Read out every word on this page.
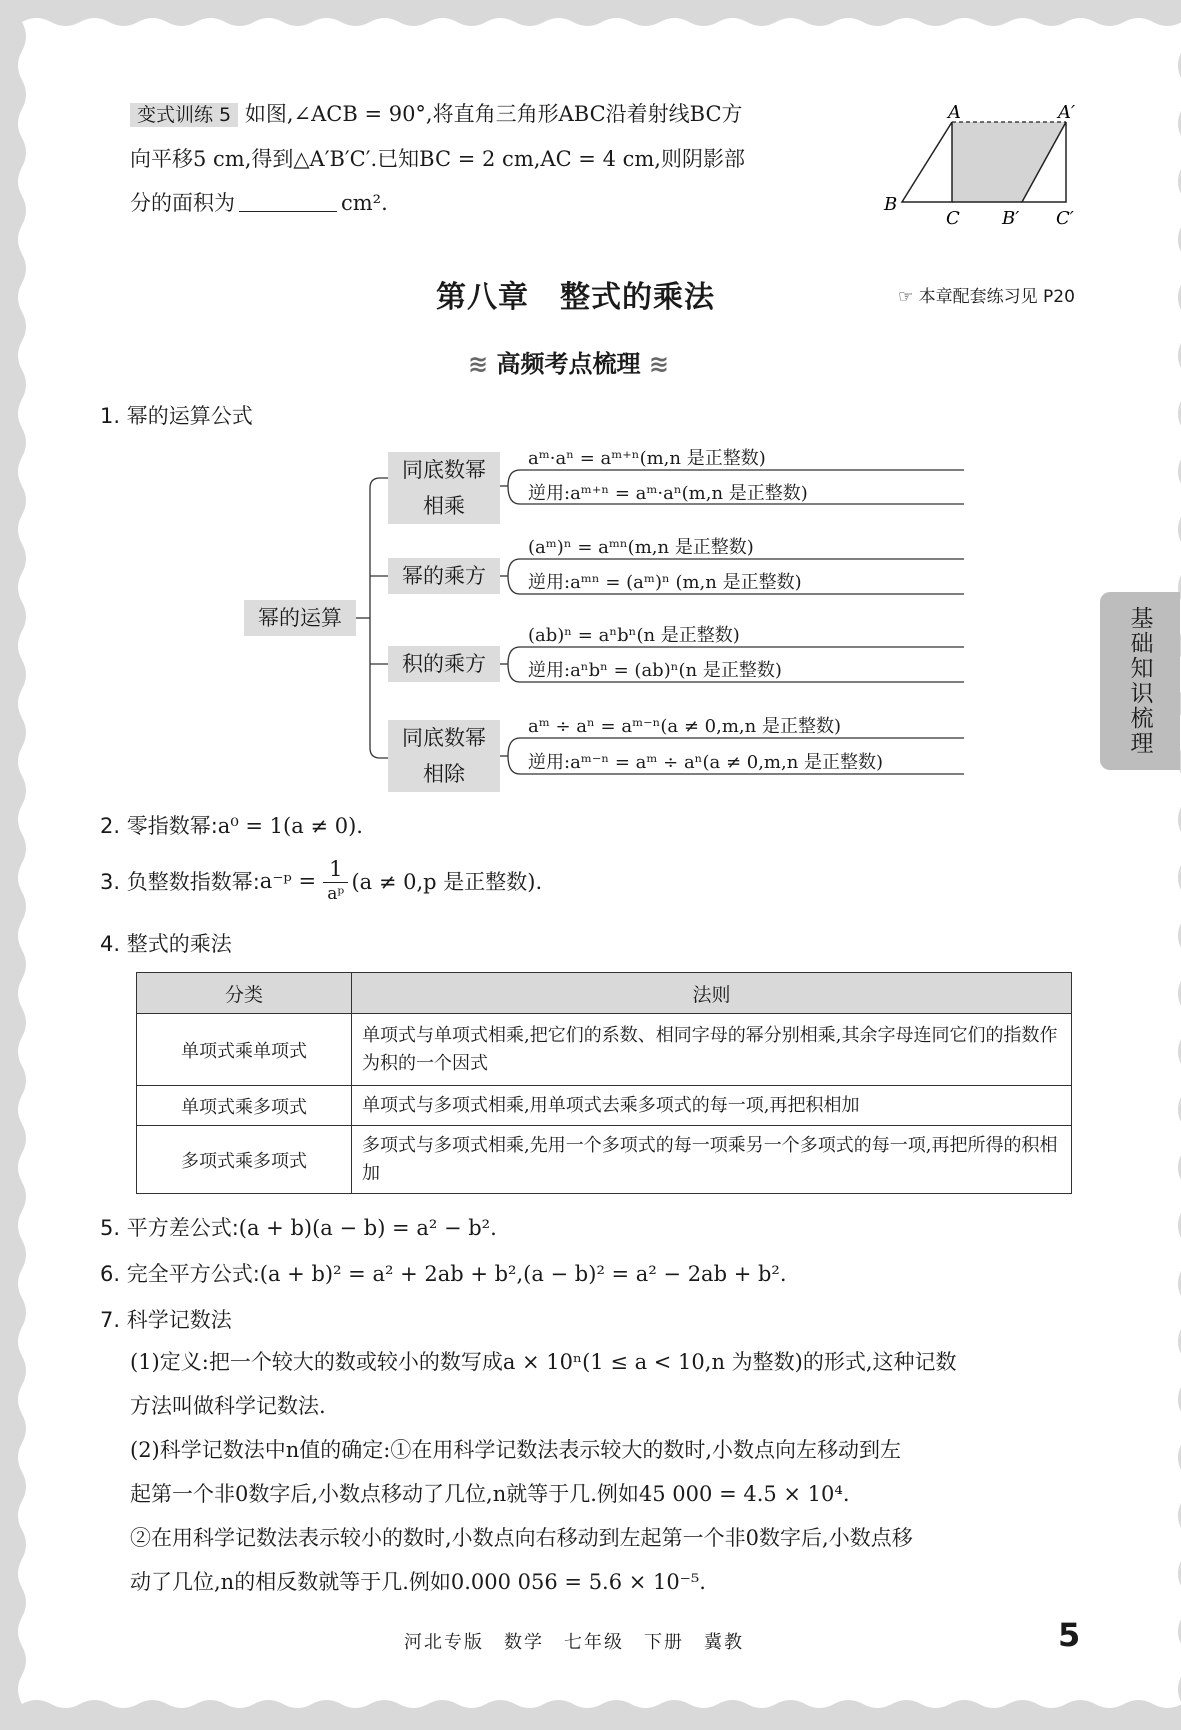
变式训练 5 如图,∠ACB = 90°,将直角三角形ABC沿着射线BC方
向平移5 cm,得到△A′B′C′.已知BC = 2 cm,AC = 4 cm,则阴影部
分的面积为	cm².
A	A′
B
C B′ C′
第八章　整式的乘法	☞ 本章配套练习见 P20
≋ 高频考点梳理 ≋
1. 幂的运算公式
幂的运算
同底数幂
相乘
aᵐ·aⁿ = aᵐ⁺ⁿ(m,n 是正整数)
逆用:aᵐ⁺ⁿ = aᵐ·aⁿ(m,n 是正整数)
幂的乘方
(aᵐ)ⁿ = aᵐⁿ(m,n 是正整数)
逆用:aᵐⁿ = (aᵐ)ⁿ (m,n 是正整数)
积的乘方
(ab)ⁿ = aⁿbⁿ(n 是正整数)
逆用:aⁿbⁿ = (ab)ⁿ(n 是正整数)
同底数幂
相除
aᵐ ÷ aⁿ = aᵐ⁻ⁿ(a ≠ 0,m,n 是正整数)
逆用:aᵐ⁻ⁿ = aᵐ ÷ aⁿ(a ≠ 0,m,n 是正整数)
2. 零指数幂:a⁰ = 1(a ≠ 0).
3. 负整数指数幂: a⁻ᵖ = 1
aᵖ
(a ≠ 0,p 是正整数).
4. 整式的乘法
分类	法则
单项式乘单项式	单项式与单项式相乘,把它们的系数、相同字母的幂分别相乘,其余字母连同它们的指数作为积的一个因式
单项式乘多项式	单项式与多项式相乘,用单项式去乘多项式的每一项,再把积相加
多项式乘多项式	多项式与多项式相乘,先用一个多项式的每一项乘另一个多项式的每一项,再把所得的积相加
5. 平方差公式:(a + b)(a − b) = a² − b².
6. 完全平方公式:(a + b)² = a² + 2ab + b²,(a − b)² = a² − 2ab + b².
7. 科学记数法
(1)定义:把一个较大的数或较小的数写成a × 10ⁿ(1 ≤ a < 10,n 为整数)的形式,这种记数
方法叫做科学记数法.
(2)科学记数法中n值的确定:①在用科学记数法表示较大的数时,小数点向左移动到左
起第一个非0数字后,小数点移动了几位,n就等于几.例如45 000 = 4.5 × 10⁴.
②在用科学记数法表示较小的数时,小数点向右移动到左起第一个非0数字后,小数点移
动了几位,n的相反数就等于几.例如0.000 056 = 5.6 × 10⁻⁵.
基础知识梳理
河北专版　数学　七年级　下册　冀教	5
